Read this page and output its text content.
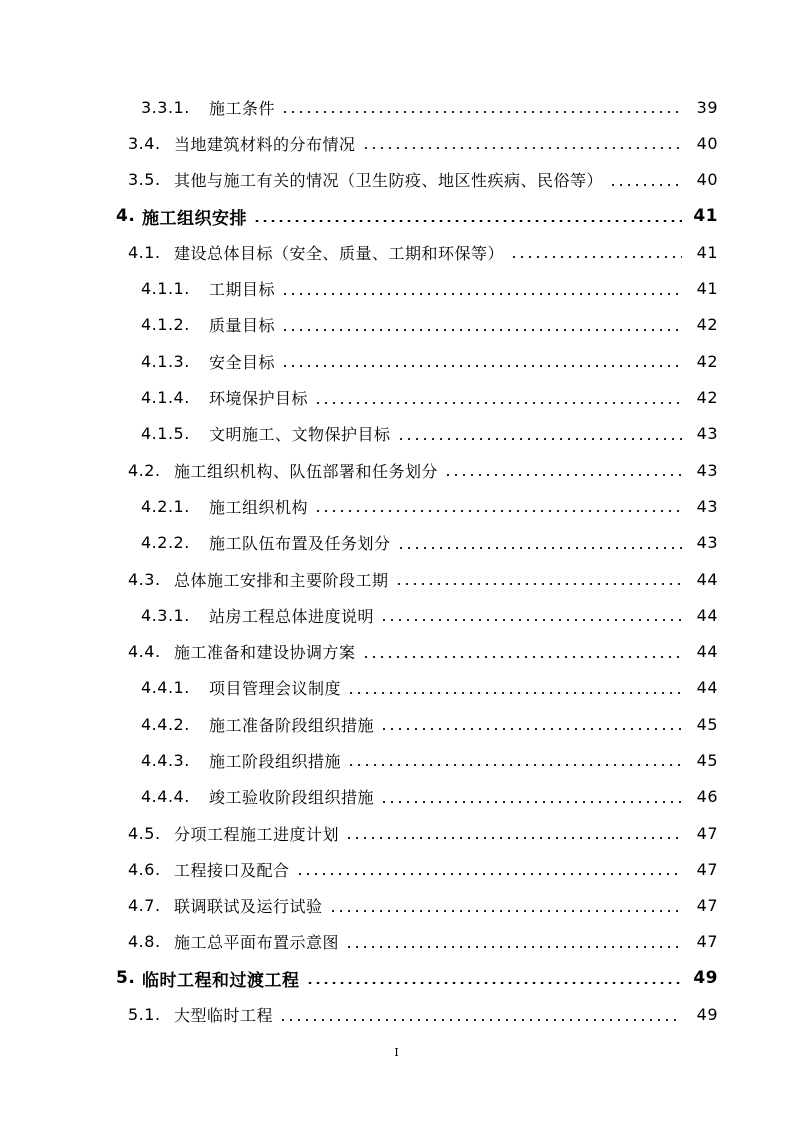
3.3.1.	施工条件	39
3.4. 当地建筑材料的分布情况	40
3.5. 其他与施工有关的情况（卫生防疫、地区性疾病、民俗等）	40
4. 施工组织安排	41
4.1. 建设总体目标（安全、质量、工期和环保等）	41
4.1.1.	工期目标	41
4.1.2.	质量目标	42
4.1.3.	安全目标	42
4.1.4.	环境保护目标	42
4.1.5.	文明施工、文物保护目标	43
4.2. 施工组织机构、队伍部署和任务划分	43
4.2.1.	施工组织机构	43
4.2.2.	施工队伍布置及任务划分	43
4.3. 总体施工安排和主要阶段工期	44
4.3.1.	站房工程总体进度说明	44
4.4. 施工准备和建设协调方案	44
4.4.1.	项目管理会议制度	44
4.4.2.	施工准备阶段组织措施	45
4.4.3.	施工阶段组织措施	45
4.4.4.	竣工验收阶段组织措施	46
4.5. 分项工程施工进度计划	47
4.6. 工程接口及配合	47
4.7. 联调联试及运行试验	47
4.8. 施工总平面布置示意图	47
5. 临时工程和过渡工程	49
5.1. 大型临时工程	49
I
